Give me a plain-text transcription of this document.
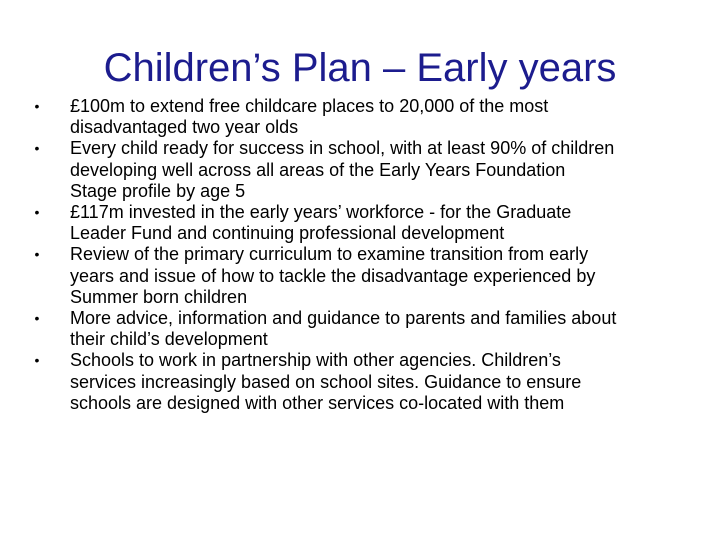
Children’s Plan – Early years
• £100m to extend free childcare places to 20,000 of the most
disadvantaged two year olds
• Every child ready for success in school, with at least 90% of children
developing well across all areas of the Early Years Foundation
Stage profile by age 5
• £117m invested in the early years’ workforce - for the Graduate
Leader Fund and continuing professional development
• Review of the primary curriculum to examine transition from early
years and issue of how to tackle the disadvantage experienced by
Summer born children
• More advice, information and guidance to parents and families about
their child’s development
• Schools to work in partnership with other agencies. Children’s
services increasingly based on school sites. Guidance to ensure
schools are designed with other services co-located with them
